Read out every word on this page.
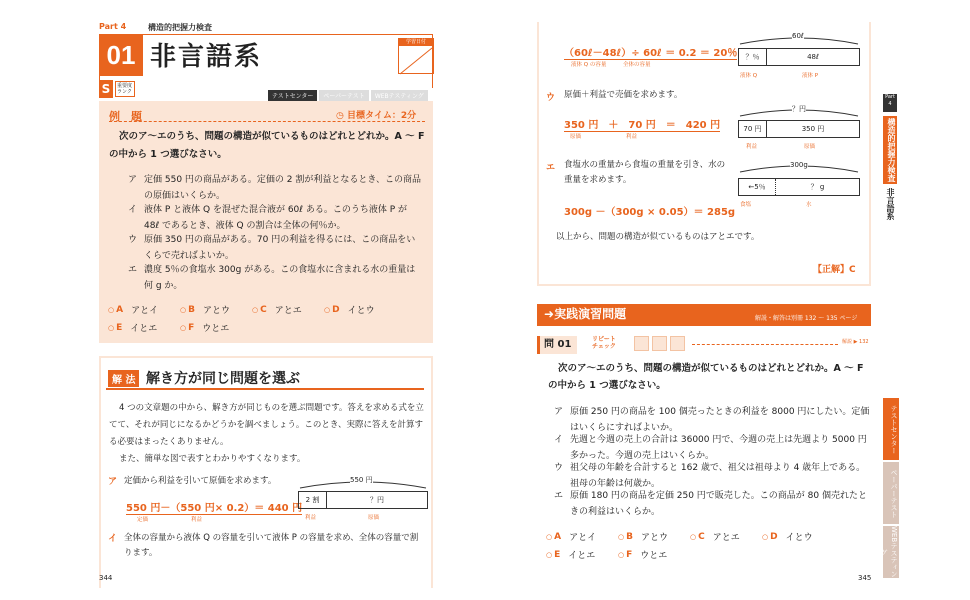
Part 4	構造的把握力検査
01 非言語系	学習日付
S	重要度ランク
テストセンター	ペーパーテスト	WEBテスティング
例　題	◷ 目標タイム：2分
次のア～エのうち、問題の構造が似ているものはどれとどれか。A ～ F の中から 1 つ選びなさい。
ア 定価 550 円の商品がある。定価の 2 割が利益となるとき、この商品の原価はいくらか。
イ 液体 P と液体 Q を混ぜた混合液が 60ℓ ある。このうち液体 P が 48ℓ であるとき、液体 Q の割合は全体の何％か。
ウ 原価 350 円の商品がある。70 円の利益を得るには、この商品をいくらで売ればよいか。
エ 濃度 5％の食塩水 300g がある。この食塩水に含まれる水の重量は何 g か。
○ A アとイ	○ B アとウ	○ C アとエ	○ D イとウ
○ E イとエ	○ F ウとエ
解 法 解き方が同じ問題を選ぶ

4 つの文章題の中から、解き方が同じものを選ぶ問題です。答えを求める式を立てて、それが同じになるかどうかを調べましょう。このとき、実際に答えを計算する必要はまったくありません。

また、簡単な図で表すとわかりやすくなります。

ア 定価から利益を引いて原価を求めます。
550 円－（550 円× 0.2）＝ 440 円
定価	利益
550 円
2 割	？円
利益	原価
イ 全体の容量から液体 Q の容量を引いて液体 P の容量を求め、全体の容量で割ります。
344
（60ℓ－48ℓ）÷ 60ℓ ＝ 0.2 ＝ 20％
液体 Q の容量	全体の容量
60ℓ
？％	48ℓ
液体 Q	液体 P
ウ 原価＋利益で売価を求めます。
350 円　＋　70 円　＝　420 円
原価	利益
？円
70 円	350 円
利益	原価
エ 食塩水の重量から食塩の重量を引き、水の重量を求めます。
300g －（300g × 0.05）＝ 285g
300g
←5％	？ g
食塩	水
以上から、問題の構造が似ているものはアとエです。
【正解】C
➜実践演習問題	解説・解答は別冊 132 ～ 135 ページ
問 01	リピートチェック
解説 ▶ 132
次のア～エのうち、問題の構造が似ているものはどれとどれか。A ～ F の中から 1 つ選びなさい。
ア 原価 250 円の商品を 100 個売ったときの利益を 8000 円にしたい。定価はいくらにすればよいか。
イ 先週と今週の売上の合計は 36000 円で、今週の売上は先週より 5000 円多かった。今週の売上はいくらか。
ウ 祖父母の年齢を合計すると 162 歳で、祖父は祖母より 4 歳年上である。祖母の年齢は何歳か。
エ 原価 180 円の商品を定価 250 円で販売した。この商品が 80 個売れたときの利益はいくらか。
○ A アとイ	○ B アとウ	○ C アとエ	○ D イとウ
○ E イとエ	○ F ウとエ
Part 4
構造的把握力検査
非言語系
テストセンター
ペーパーテスト
WEBテスティング
345
